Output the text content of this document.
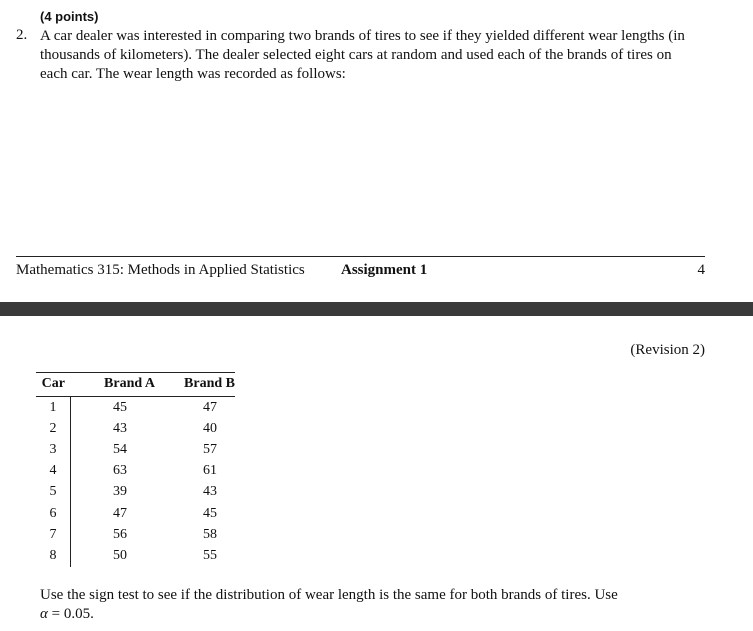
(4 points)
2. A car dealer was interested in comparing two brands of tires to see if they yielded different wear lengths (in thousands of kilometers). The dealer selected eight cars at random and used each of the brands of tires on each car. The wear length was recorded as follows:
Mathematics 315: Methods in Applied Statistics Assignment 1	4
(Revision 2)
Car	Brand A	Brand B
1	45	47
2	43	40
3	54	57
4	63	61
5	39	43
6	47	45
7	56	58
8	50	55
Use the sign test to see if the distribution of wear length is the same for both brands of tires. Use
α = 0.05.
